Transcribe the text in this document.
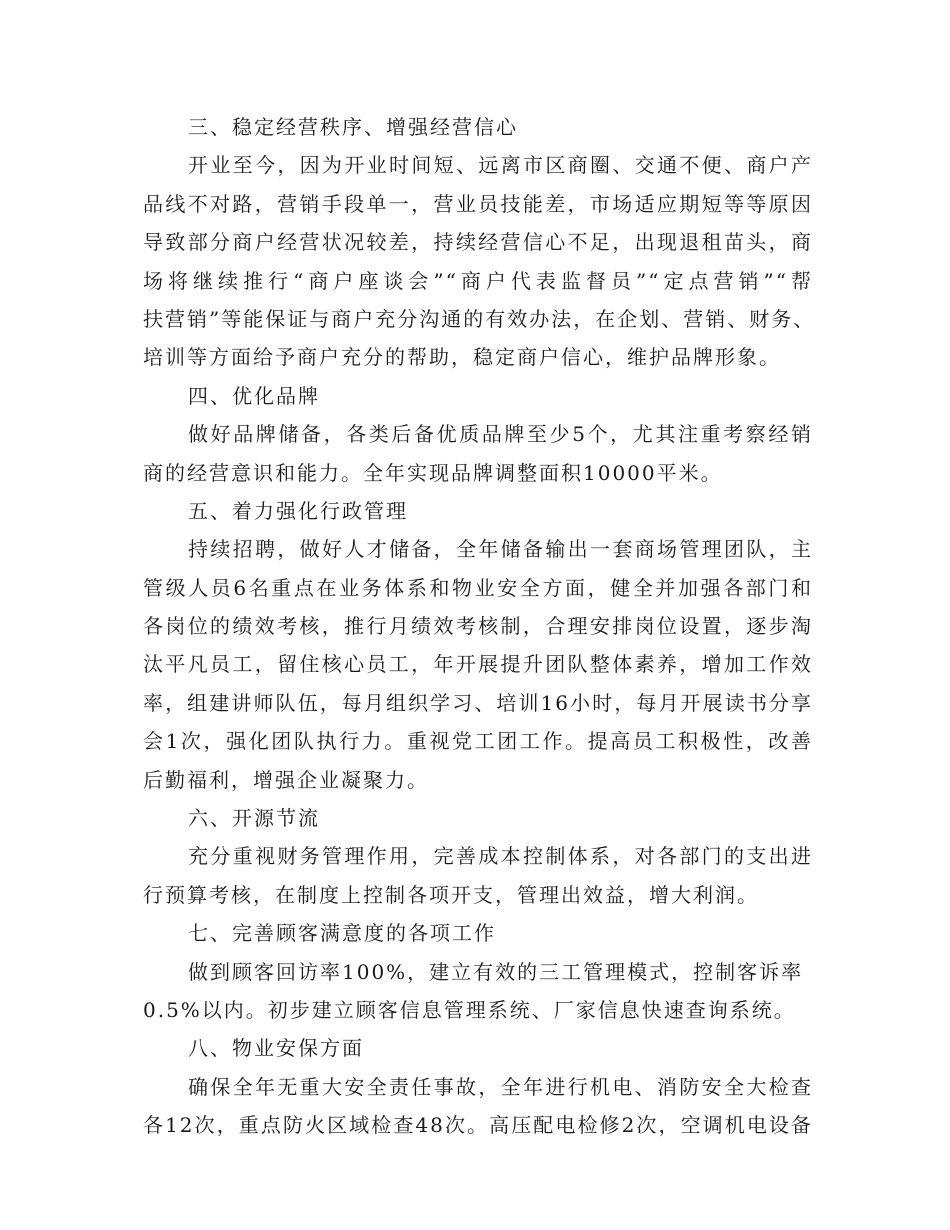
三、稳定经营秩序、增强经营信心
开业至今，因为开业时间短、远离市区商圈、交通不便、商户产
品线不对路，营销手段单一，营业员技能差，市场适应期短等等原因
导致部分商户经营状况较差，持续经营信心不足，出现退租苗头，商
场将继续推行“商户座谈会”“商户代表监督员”“定点营销”“帮
扶营销”等能保证与商户充分沟通的有效办法，在企划、营销、财务、
培训等方面给予商户充分的帮助，稳定商户信心，维护品牌形象。
四、优化品牌
做好品牌储备，各类后备优质品牌至少5个，尤其注重考察经销
商的经营意识和能力。全年实现品牌调整面积10000平米。
五、着力强化行政管理
持续招聘，做好人才储备，全年储备输出一套商场管理团队，主
管级人员6名重点在业务体系和物业安全方面，健全并加强各部门和
各岗位的绩效考核，推行月绩效考核制，合理安排岗位设置，逐步淘
汰平凡员工，留住核心员工，年开展提升团队整体素养，增加工作效
率，组建讲师队伍，每月组织学习、培训16小时，每月开展读书分享
会1次，强化团队执行力。重视党工团工作。提高员工积极性，改善
后勤福利，增强企业凝聚力。
六、开源节流
充分重视财务管理作用，完善成本控制体系，对各部门的支出进
行预算考核，在制度上控制各项开支，管理出效益，增大利润。
七、完善顾客满意度的各项工作
做到顾客回访率100%，建立有效的三工管理模式，控制客诉率
0.5%以内。初步建立顾客信息管理系统、厂家信息快速查询系统。
八、物业安保方面
确保全年无重大安全责任事故，全年进行机电、消防安全大检查
各12次，重点防火区域检查48次。高压配电检修2次，空调机电设备
